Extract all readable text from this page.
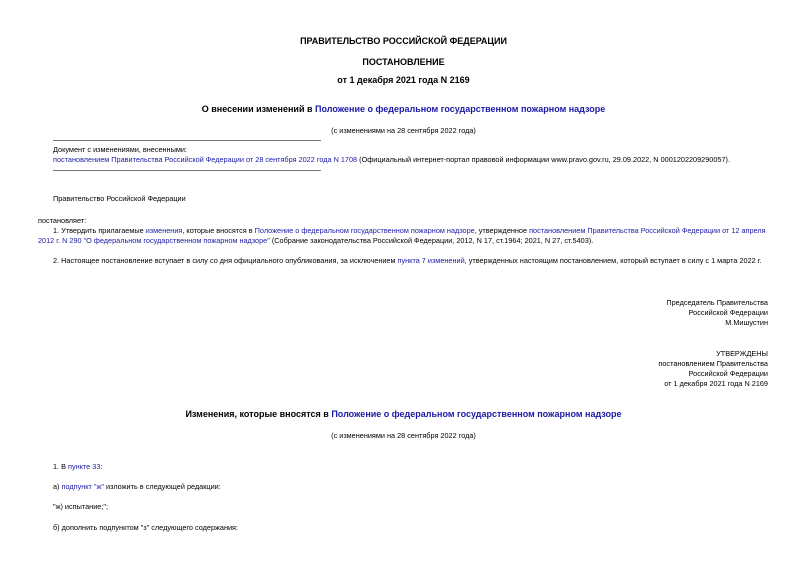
ПРАВИТЕЛЬСТВО РОССИЙСКОЙ ФЕДЕРАЦИИ
ПОСТАНОВЛЕНИЕ
от 1 декабря 2021 года N 2169
О внесении изменений в Положение о федеральном государственном пожарном надзоре
(с изменениями на 28 сентября 2022 года)
Документ с изменениями, внесенными:
постановлением Правительства Российской Федерации от 28 сентября 2022 года N 1708 (Официальный интернет-портал правовой информации www.pravo.gov.ru, 29.09.2022, N 0001202209290057).
Правительство Российской Федерации
постановляет:
1. Утвердить прилагаемые изменения, которые вносятся в Положение о федеральном государственном пожарном надзоре, утвержденное постановлением Правительства Российской Федерации от 12 апреля 2012 г. N 290 "О федеральном государственном пожарном надзоре" (Собрание законодательства Российской Федерации, 2012, N 17, ст.1964; 2021, N 27, ст.5403).
2. Настоящее постановление вступает в силу со дня официального опубликования, за исключением пункта 7 изменений, утвержденных настоящим постановлением, который вступает в силу с 1 марта 2022 г.
Председатель Правительства
Российской Федерации
М.Мишустин
УТВЕРЖДЕНЫ
постановлением Правительства
Российской Федерации
от 1 декабря 2021 года N 2169
Изменения, которые вносятся в Положение о федеральном государственном пожарном надзоре
(с изменениями на 28 сентября 2022 года)
1. В пункте 33:
а) подпункт "ж" изложить в следующей редакции:
"ж) испытание;";
б) дополнить подпунктом "з" следующего содержания:
